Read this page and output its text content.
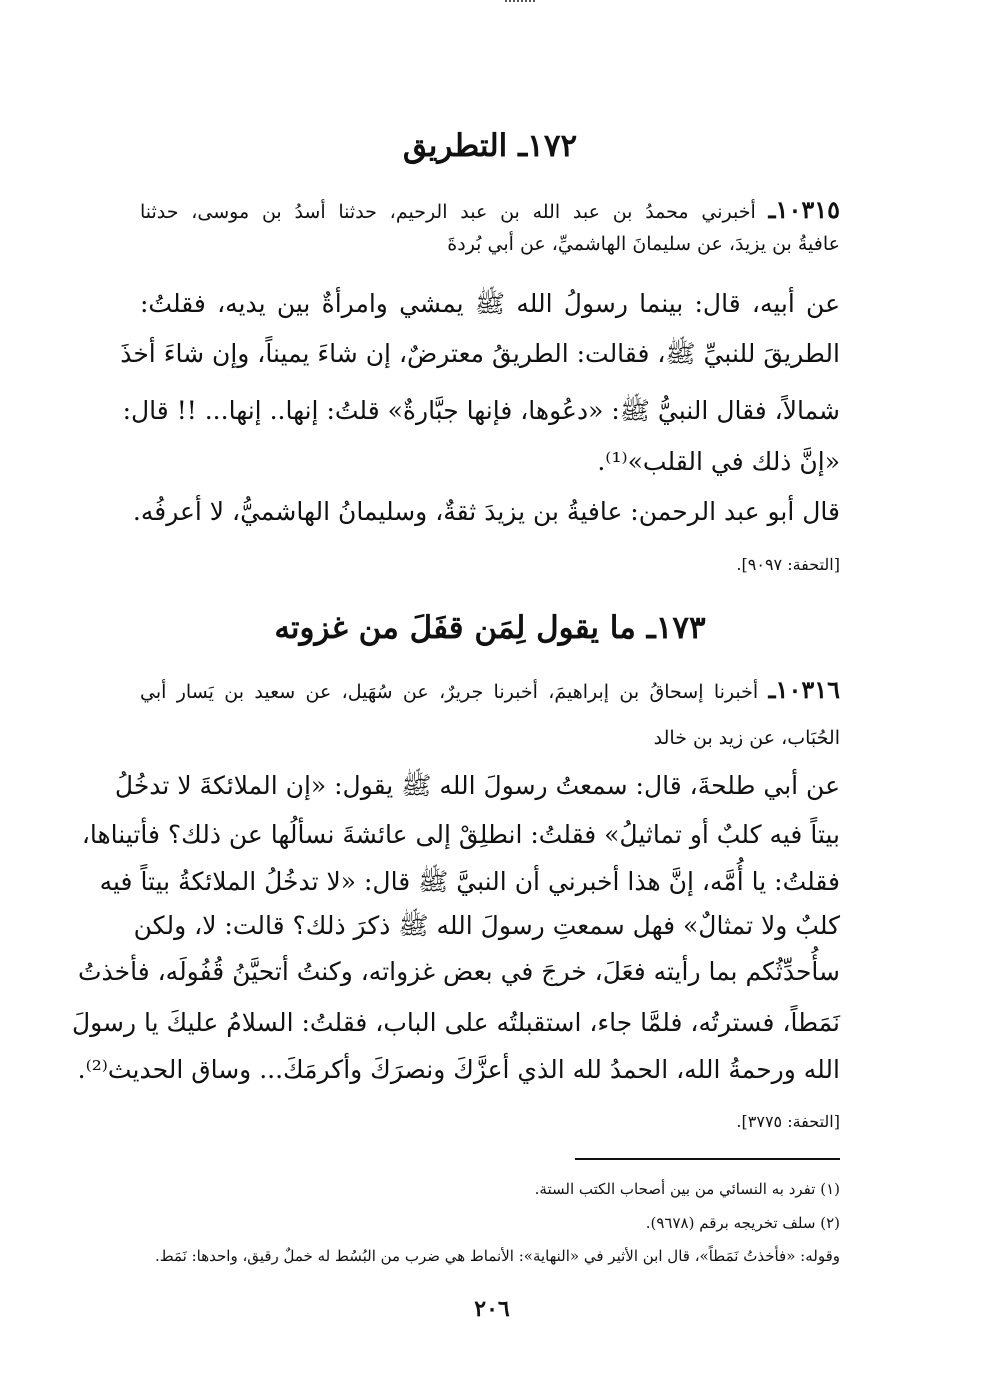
١٧٢ـ التطريق
١٠٣١٥ـ أخبرني محمدُ بن عبد الله بن عبد الرحيم، حدثنا أسدُ بن موسى، حدثنا
عافيةُ بن يزيدَ، عن سليمانَ الهاشميِّ، عن أبي بُردةَ
عن أبيه، قال: بينما رسولُ الله ﷺ يمشي وامرأةٌ بين يديه، فقلتُ:
الطريقَ للنبيِّ ﷺ، فقالت: الطريقُ معترضٌ، إن شاءَ يميناً، وإن شاءَ أخذَ
شمالاً، فقال النبيُّ ﷺ: «دعُوها، فإنها جبَّارةٌ» قلتُ: إنها.. إنها... !! قال:
«إنَّ ذلك في القلب»⁽¹⁾.
قال أبو عبد الرحمن: عافيةُ بن يزيدَ ثقةٌ، وسليمانُ الهاشميُّ، لا أعرفُه.
[التحفة: ٩٠٩٧].
١٧٣ـ ما يقول لِمَن قفَلَ من غزوته
١٠٣١٦ـ أخبرنا إسحاقُ بن إبراهيمَ، أخبرنا جريرٌ، عن سُهَيل، عن سعيد بن يَسار أبي
الحُبَاب، عن زيد بن خالد
عن أبي طلحةَ، قال: سمعتُ رسولَ الله ﷺ يقول: «إن الملائكةَ لا تدخُلُ
بيتاً فيه كلبٌ أو تماثيلُ» فقلتُ: انطلِقْ إلى عائشةَ نسألُها عن ذلك؟ فأتيناها،
فقلتُ: يا أُمَّه، إنَّ هذا أخبرني أن النبيَّ ﷺ قال: «لا تدخُلُ الملائكةُ بيتاً فيه
كلبٌ ولا تمثالٌ» فهل سمعتِ رسولَ الله ﷺ ذكرَ ذلك؟ قالت: لا، ولكن
سأُحدِّثُكم بما رأيته فعَلَ، خرجَ في بعض غزواته، وكنتُ أتحيَّنُ قُفُولَه، فأخذتُ
نَمَطاً، فسترتُه، فلمَّا جاء، استقبلتُه على الباب، فقلتُ: السلامُ عليكَ يا رسولَ
الله ورحمةُ الله، الحمدُ لله الذي أعزَّكَ ونصرَكَ وأكرمَكَ... وساق الحديث⁽²⁾.
[التحفة: ٣٧٧٥].
(١) تفرد به النسائي من بين أصحاب الكتب الستة.
(٢) سلف تخريجه برقم (٩٦٧٨).
وقوله: «فأخذتُ نَمَطاً»، قال ابن الأثير في «النهاية»: الأنماط هي ضرب من البُسُط له خملٌ رقيق، واحدها: نَمَط.
٢٠٦
